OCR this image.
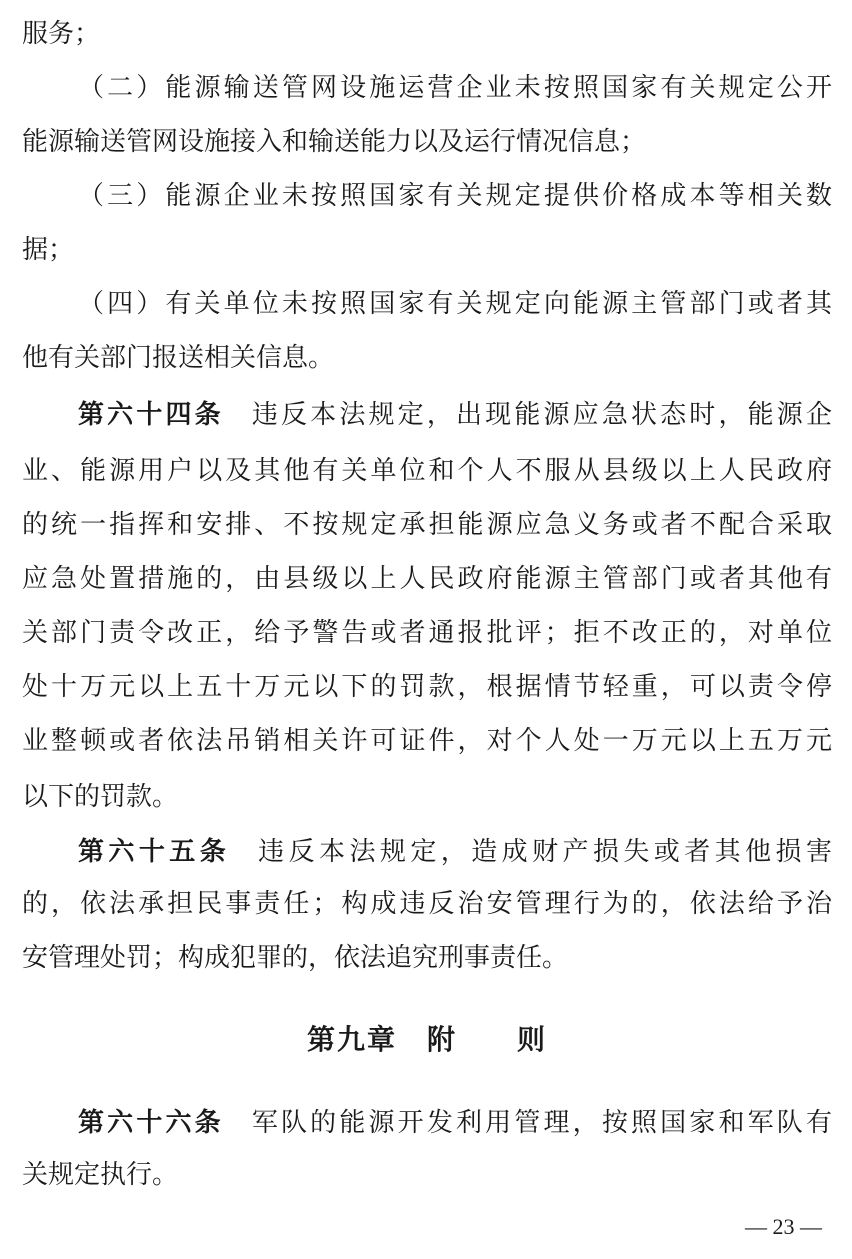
服务；
（二）能源输送管网设施运营企业未按照国家有关规定公开
能源输送管网设施接入和输送能力以及运行情况信息；
（三）能源企业未按照国家有关规定提供价格成本等相关数
据；
（四）有关单位未按照国家有关规定向能源主管部门或者其
他有关部门报送相关信息。
第六十四条 违反本法规定，出现能源应急状态时，能源企
业、能源用户以及其他有关单位和个人不服从县级以上人民政府
的统一指挥和安排、不按规定承担能源应急义务或者不配合采取
应急处置措施的，由县级以上人民政府能源主管部门或者其他有
关部门责令改正，给予警告或者通报批评；拒不改正的，对单位
处十万元以上五十万元以下的罚款，根据情节轻重，可以责令停
业整顿或者依法吊销相关许可证件，对个人处一万元以上五万元
以下的罚款。
第六十五条 违反本法规定，造成财产损失或者其他损害
的，依法承担民事责任；构成违反治安管理行为的，依法给予治
安管理处罚；构成犯罪的，依法追究刑事责任。
第九章　附　　则
第六十六条 军队的能源开发利用管理，按照国家和军队有
关规定执行。
— 23 —
